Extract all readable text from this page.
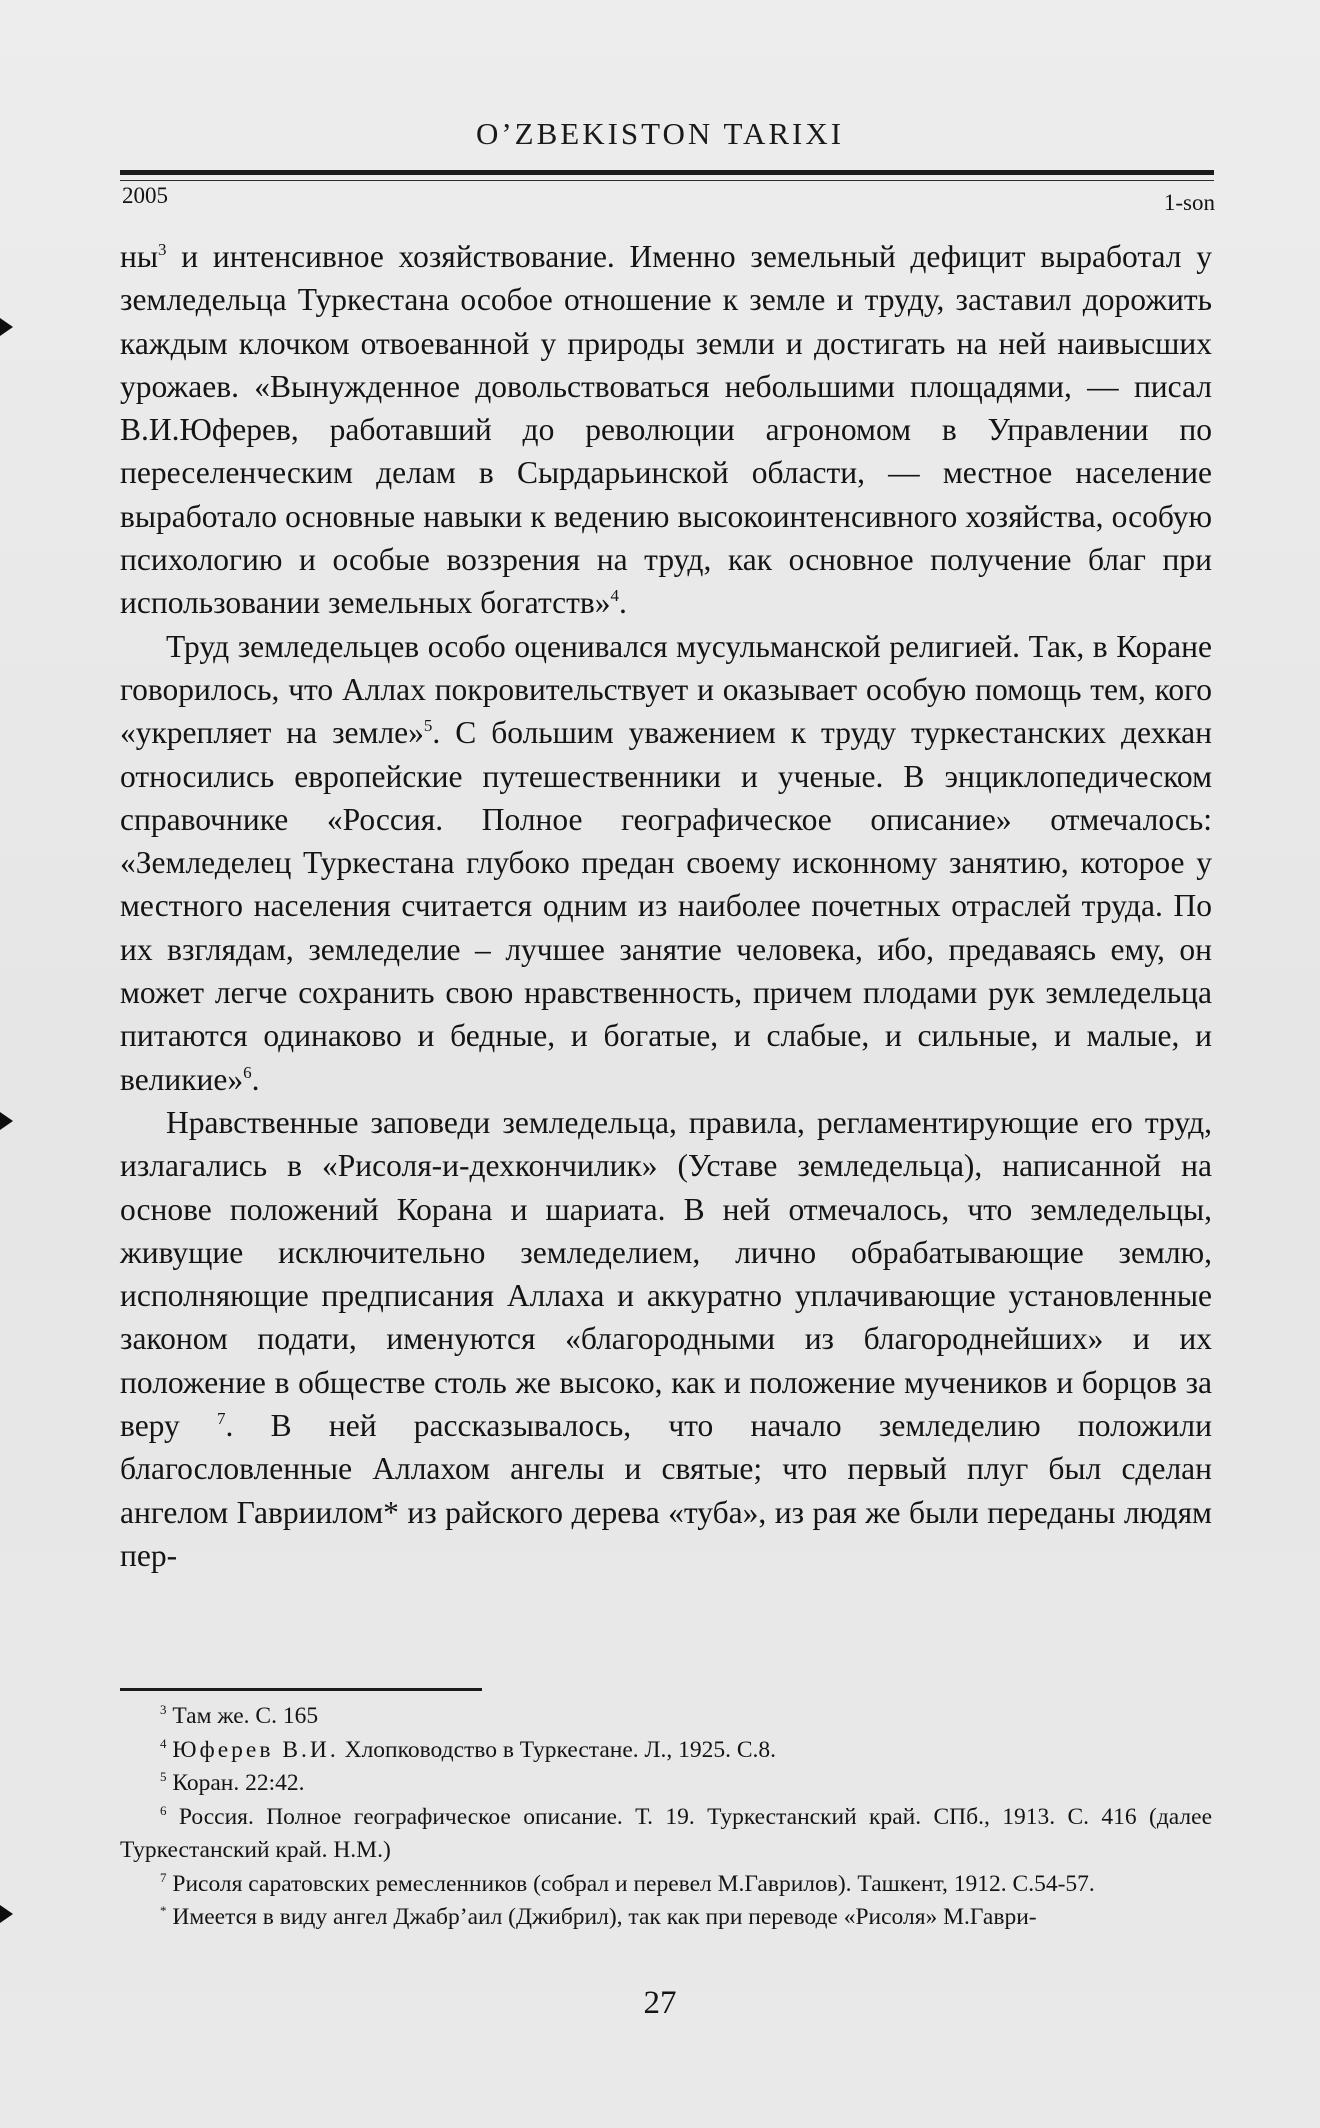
O’ZBEKISTON TARIXI
2005	1-son

$ны^3$ и интенсивное хозяйствование. Именно земельный дефицит выработал у земледельца Туркестана особое отношение к земле и труду, заставил дорожить каждым клочком отвоеванной у природы земли и достигать на ней наивысших урожаев. «Вынужденное довольствоваться небольшими площадями, — писал В.И.Юферев, работавший до революции агрономом в Управлении по переселенческим делам в Сырдарьинской области, — местное население выработало основные навыки к ведению высокоинтенсивного хозяйства, особую психологию и особые воззрения на труд, как основное получение благ при использовании земельных богатств»$^4$.

Труд земледельцев особо оценивался мусульманской религией. Так, в Коране говорилось, что Аллах покровительствует и оказывает особую помощь тем, кого «укрепляет на земле»$^5$. С большим уважением к труду туркестанских дехкан относились европейские путешественники и ученые. В энциклопедическом справочнике «Россия. Полное географическое описание» отмечалось: «Земледелец Туркестана глубоко предан своему исконному занятию, которое у местного населения считается одним из наиболее почетных отраслей труда. По их взглядам, земледелие – лучшее занятие человека, ибо, предаваясь ему, он может легче сохранить свою нравственность, причем плодами рук земледельца питаются одинаково и бедные, и богатые, и слабые, и сильные, и малые, и великие»$^6$.

Нравственные заповеди земледельца, правила, регламентирующие его труд, излагались в «Рисоля-и-дехкончилик» (Уставе земледельца), написанной на основе положений Корана и шариата. В ней отмечалось, что земледельцы, живущие исключительно земледелием, лично обрабатывающие землю, исполняющие предписания Аллаха и аккуратно уплачивающие установленные законом подати, именуются «благородными из благороднейших» и их положение в обществе столь же высоко, как и положение мучеников и борцов за веру $^7$. В ней рассказывалось, что начало земледелию положили благословленные Аллахом ангелы и святые; что первый плуг был сделан ангелом Гавриилом* из райского дерева «туба», из рая же были переданы людям пер-

$^3$ Там же. С. 165

$^4$ Юферев В.И. Хлопководство в Туркестане. Л., 1925. С.8.

$^5$ Коран. 22:42.

$^6$ Россия. Полное географическое описание. Т. 19. Туркестанский край. СПб., 1913. С. 416 (далее Туркестанский край. Н.М.)

$^7$ Рисоля саратовских ремесленников (собрал и перевел М.Гаврилов). Ташкент, 1912. С.54-57.

* Имеется в виду ангел Джабр’аил (Джибрил), так как при переводе «Рисоля» М.Гаври-

27
